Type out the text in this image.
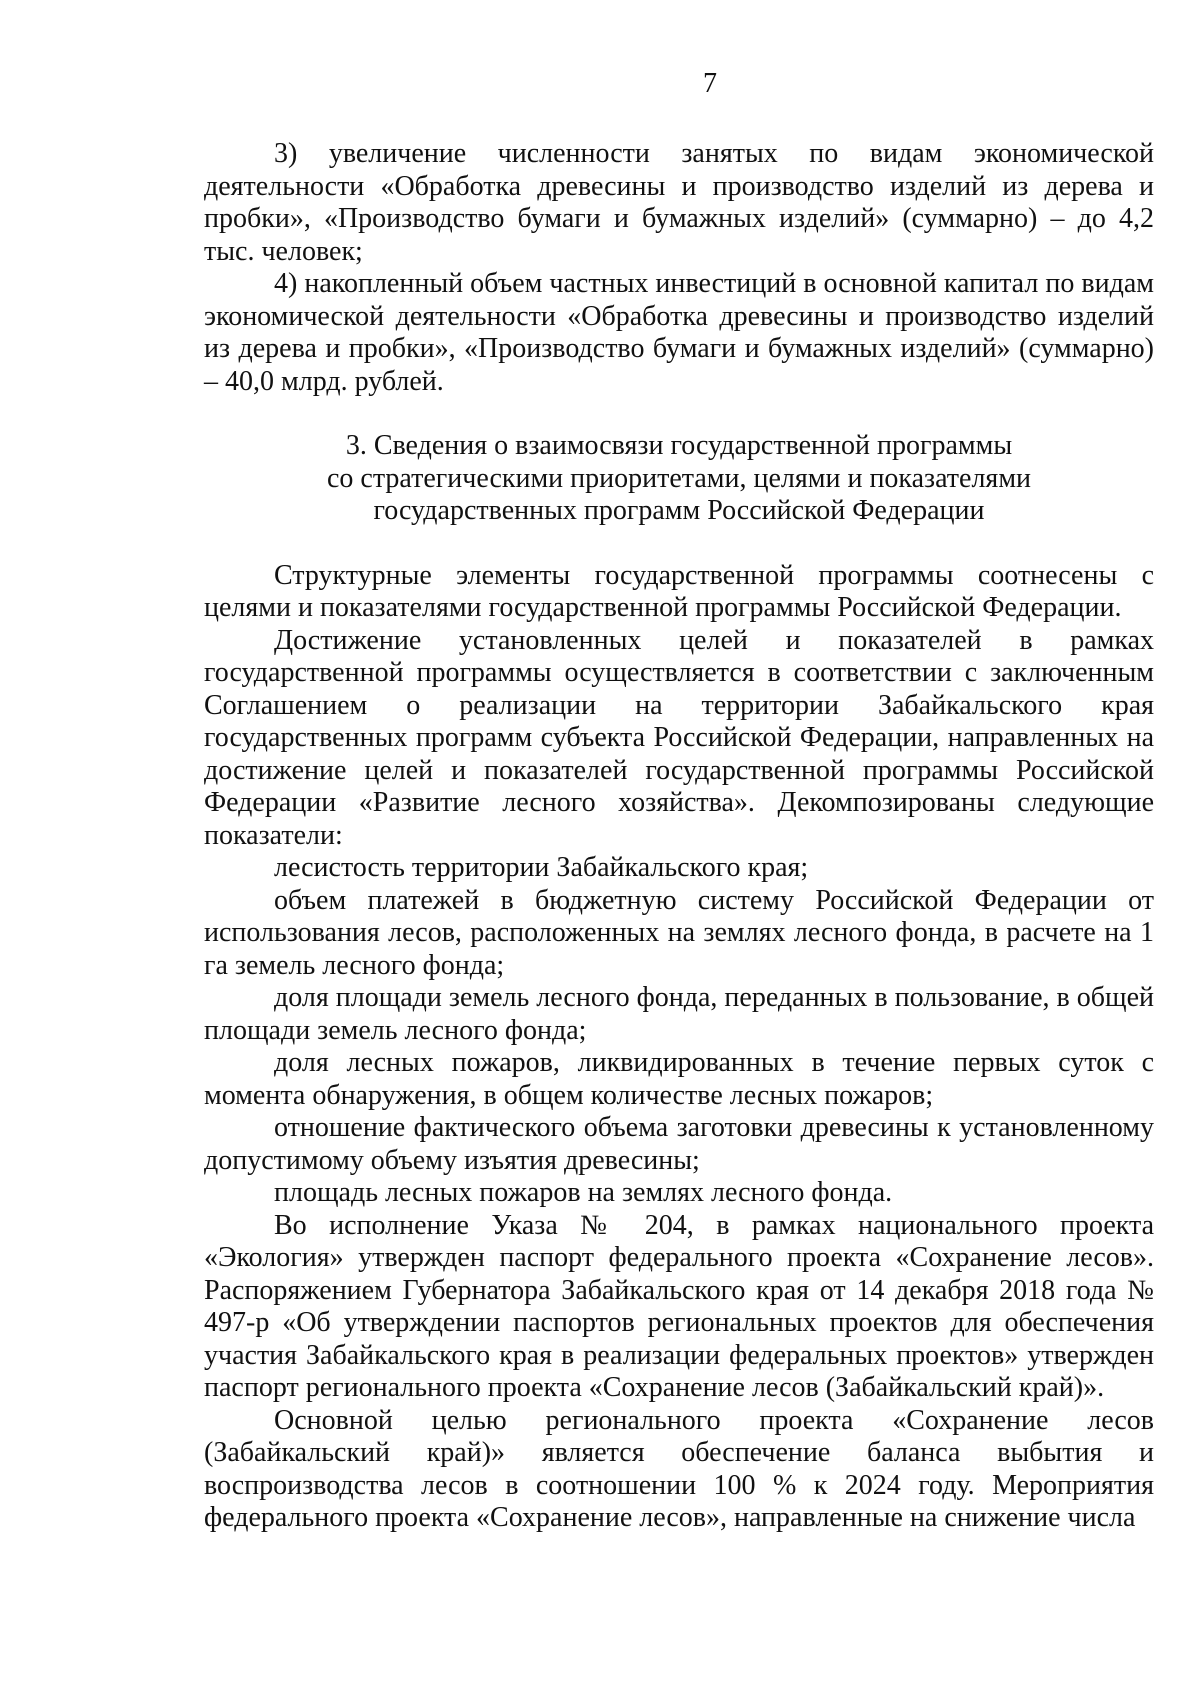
7

3) увеличение численности занятых по видам экономической деятельности «Обработка древесины и производство изделий из дерева и пробки», «Производство бумаги и бумажных изделий» (суммарно) – до 4,2 тыс. человек;

4) накопленный объем частных инвестиций в основной капитал по видам экономической деятельности «Обработка древесины и производство изделий из дерева и пробки», «Производство бумаги и бумажных изделий» (суммарно) – 40,0 млрд. рублей.

3. Сведения о взаимосвязи государственной программы
со стратегическими приоритетами, целями и показателями
государственных программ Российской Федерации

Структурные элементы государственной программы соотнесены с целями и показателями государственной программы Российской Федерации.

Достижение установленных целей и показателей в рамках государственной программы осуществляется в соответствии с заключенным Соглашением о реализации на территории Забайкальского края государственных программ субъекта Российской Федерации, направленных на достижение целей и показателей государственной программы Российской Федерации «Развитие лесного хозяйства». Декомпозированы следующие показатели:

лесистость территории Забайкальского края;

объем платежей в бюджетную систему Российской Федерации от использования лесов, расположенных на землях лесного фонда, в расчете на 1 га земель лесного фонда;

доля площади земель лесного фонда, переданных в пользование, в общей площади земель лесного фонда;

доля лесных пожаров, ликвидированных в течение первых суток с момента обнаружения, в общем количестве лесных пожаров;

отношение фактического объема заготовки древесины к установленному допустимому объему изъятия древесины;

площадь лесных пожаров на землях лесного фонда.

Во исполнение Указа № 204, в рамках национального проекта «Экология» утвержден паспорт федерального проекта «Сохранение лесов». Распоряжением Губернатора Забайкальского края от 14 декабря 2018 года № 497-р «Об утверждении паспортов региональных проектов для обеспечения участия Забайкальского края в реализации федеральных проектов» утвержден паспорт регионального проекта «Сохранение лесов (Забайкальский край)».

Основной целью регионального проекта «Сохранение лесов (Забайкальский край)» является обеспечение баланса выбытия и воспроизводства лесов в соотношении 100 % к 2024 году. Мероприятия федерального проекта «Сохранение лесов», направленные на снижение числа
